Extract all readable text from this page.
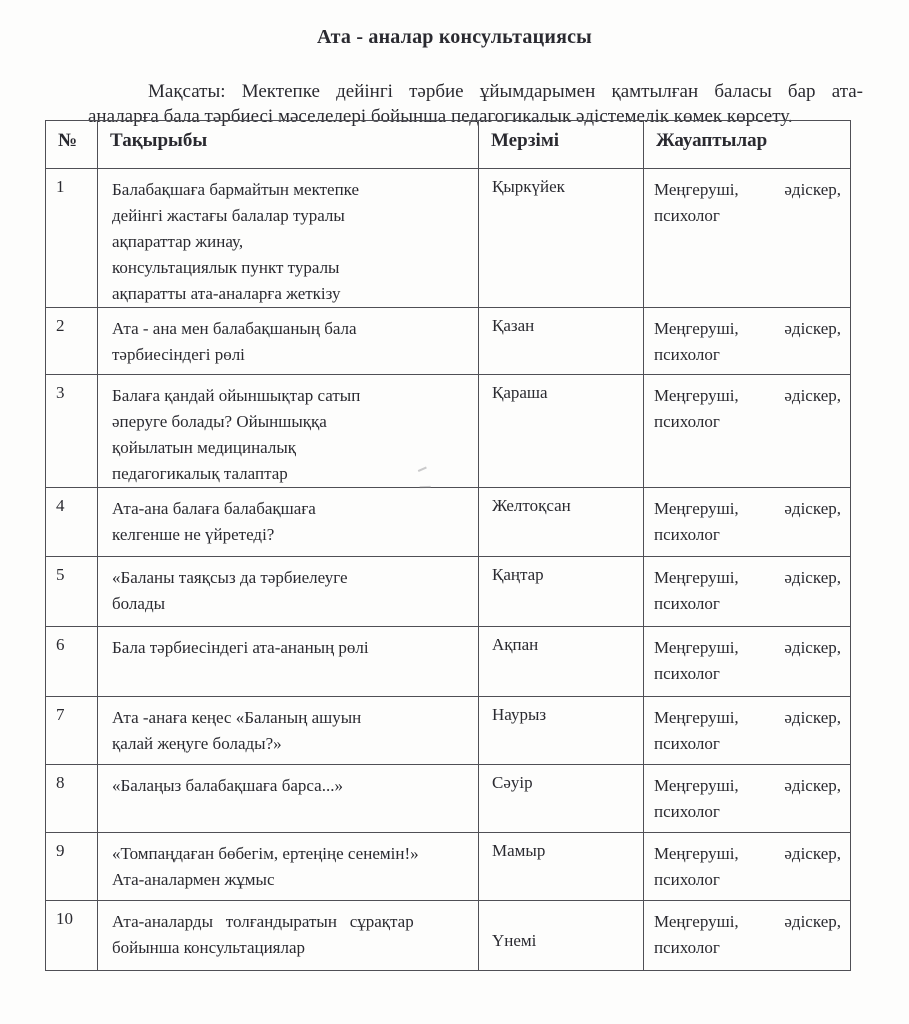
Ата - аналар консультациясы

Мақсаты: Мектепке дейінгі тәрбие ұйымдарымен қамтылған баласы бар ата-
аналарға бала тәрбиесі мәселелері бойынша педагогикалык әдістемелік көмек көрсету.

№	Тақырыбы	Мерзімі	Жауаптылар
1	Балабақшаға бармайтын мектепке
дейінгі жастағы балалар туралы
ақпараттар жинау,
консультациялык пункт туралы
ақпаратты ата-аналарға жеткізу	Қыркүйек	Меңгеруші, әдіскер,
психолог
2	Ата - ана мен балабақшаның бала
тәрбиесіндегі рөлі	Қазан	Меңгеруші, әдіскер,
психолог
3	Балаға қандай ойыншықтар сатып
әперуге болады? Ойыншыққа
қойылатын медициналық
педагогикалық талаптар	Қараша	Меңгеруші, әдіскер,
психолог
4	Ата-ана балаға балабақшаға
келгенше не үйретеді?	Желтоқсан	Меңгеруші, әдіскер,
психолог
5	«Баланы таяқсыз да тәрбиелеуге
болады	Қаңтар	Меңгеруші, әдіскер,
психолог
6	Бала тәрбиесіндегі ата-ананың рөлі	Ақпан	Меңгеруші, әдіскер,
психолог
7	Ата -анаға кеңес «Баланың ашуын
қалай жеңуге болады?»	Наурыз	Меңгеруші, әдіскер,
психолог
8	«Балаңыз балабақшаға барса...»	Сәуір	Меңгеруші, әдіскер,
психолог
9	«Томпаңдаған бөбегім, ертеңіңе сенемін!»
Ата-аналармен жұмыс	Мамыр	Меңгеруші, әдіскер,
психолог
10	Ата-аналарды   толғандыратын   сұрақтар
бойынша консультациялар	Үнемі	Меңгеруші, әдіскер,
психолог
